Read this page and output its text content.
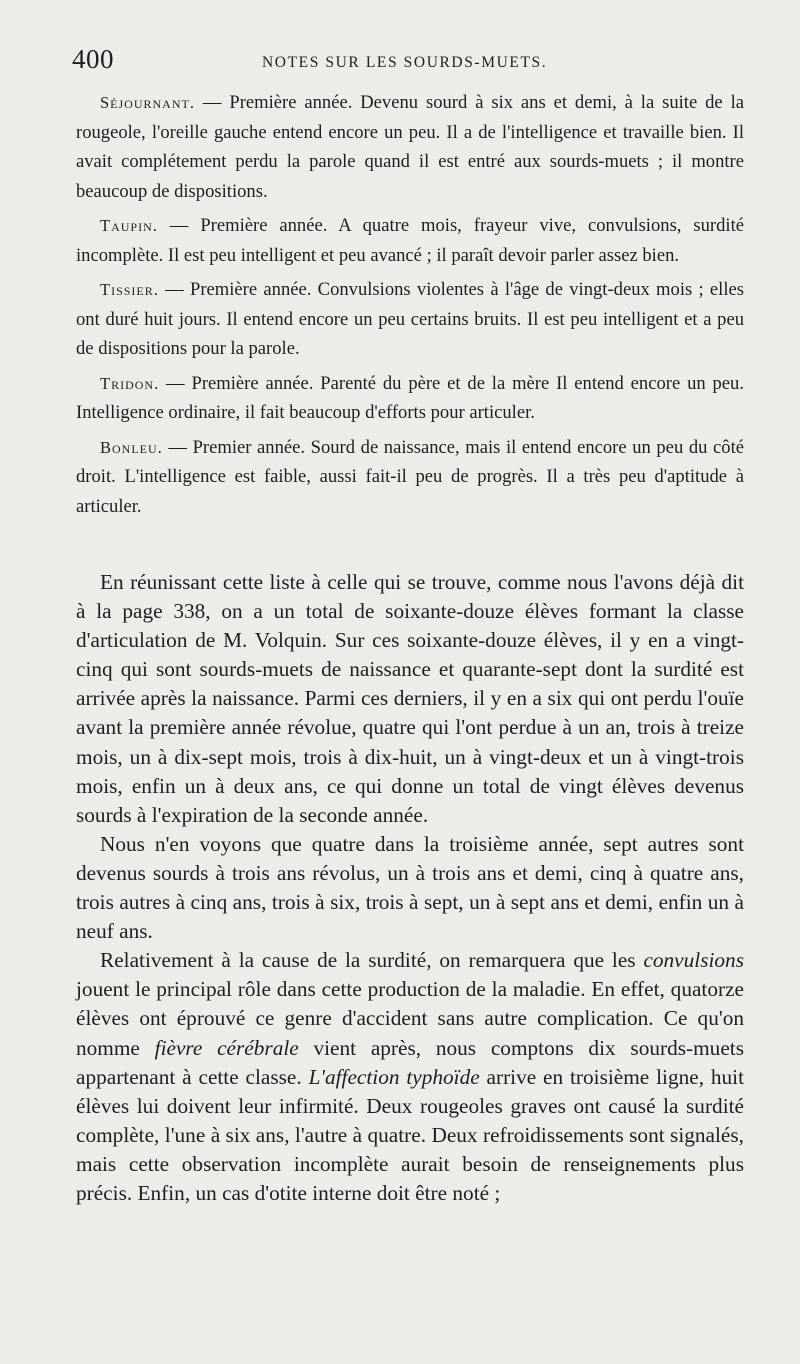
400	NOTES SUR LES SOURDS-MUETS.

Séjournant. — Première année. Devenu sourd à six ans et demi, à la suite de la rougeole, l'oreille gauche entend encore un peu. Il a de l'intelligence et travaille bien. Il avait complétement perdu la parole quand il est entré aux sourds-muets ; il montre beaucoup de dispositions.

Taupin. — Première année. A quatre mois, frayeur vive, convulsions, surdité incomplète. Il est peu intelligent et peu avancé ; il paraît devoir parler assez bien.

Tissier. — Première année. Convulsions violentes à l'âge de vingt-deux mois ; elles ont duré huit jours. Il entend encore un peu certains bruits. Il est peu intelligent et a peu de dispositions pour la parole.

Tridon. — Première année. Parenté du père et de la mère Il entend encore un peu. Intelligence ordinaire, il fait beaucoup d'efforts pour articuler.

Bonleu. — Premier année. Sourd de naissance, mais il entend encore un peu du côté droit. L'intelligence est faible, aussi fait-il peu de progrès. Il a très peu d'aptitude à articuler.

En réunissant cette liste à celle qui se trouve, comme nous l'avons déjà dit à la page 338, on a un total de soixante-douze élèves formant la classe d'articulation de M. Volquin. Sur ces soixante-douze élèves, il y en a vingt-cinq qui sont sourds-muets de naissance et quarante-sept dont la surdité est arrivée après la naissance. Parmi ces derniers, il y en a six qui ont perdu l'ouïe avant la première année révolue, quatre qui l'ont perdue à un an, trois à treize mois, un à dix-sept mois, trois à dix-huit, un à vingt-deux et un à vingt-trois mois, enfin un à deux ans, ce qui donne un total de vingt élèves devenus sourds à l'expiration de la seconde année.

Nous n'en voyons que quatre dans la troisième année, sept autres sont devenus sourds à trois ans révolus, un à trois ans et demi, cinq à quatre ans, trois autres à cinq ans, trois à six, trois à sept, un à sept ans et demi, enfin un à neuf ans.

Relativement à la cause de la surdité, on remarquera que les convulsions jouent le principal rôle dans cette production de la maladie. En effet, quatorze élèves ont éprouvé ce genre d'accident sans autre complication. Ce qu'on nomme fièvre cérébrale vient après, nous comptons dix sourds-muets appartenant à cette classe. L'affection typhoïde arrive en troisième ligne, huit élèves lui doivent leur infirmité. Deux rougeoles graves ont causé la surdité complète, l'une à six ans, l'autre à quatre. Deux refroidissements sont signalés, mais cette observation incomplète aurait besoin de renseignements plus précis. Enfin, un cas d'otite interne doit être noté ;
